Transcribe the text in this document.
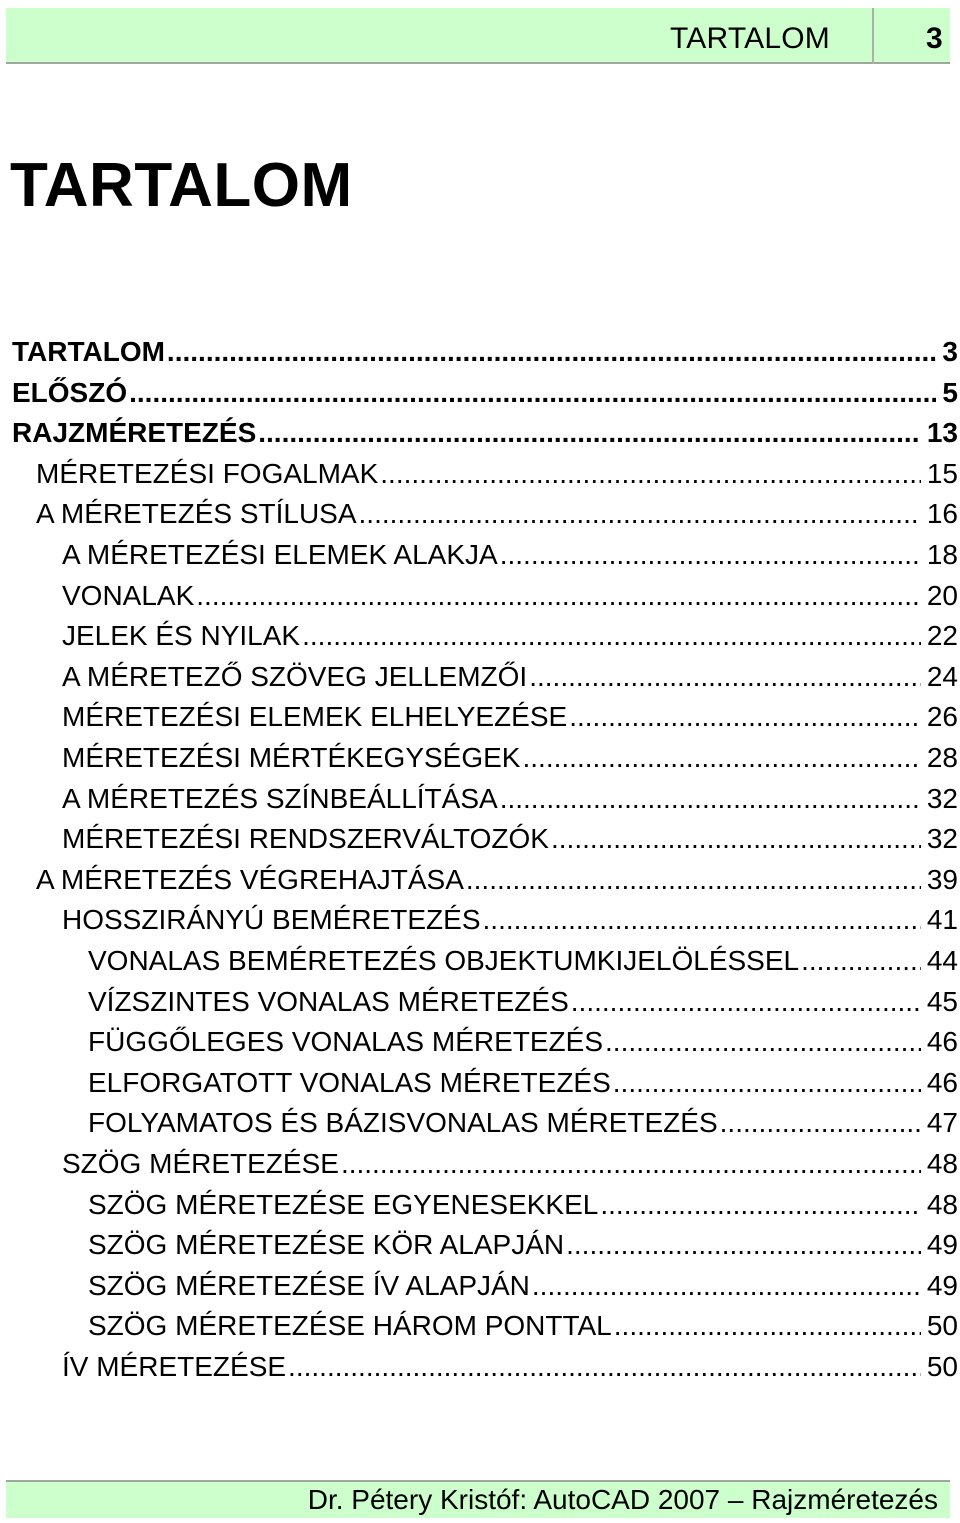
TARTALOM	3
TARTALOM
TARTALOM .....	3
ELŐSZÓ .....	5
RAJZMÉRETEZÉS .....	13
MÉRETEZÉSI FOGALMAK .....	15
A MÉRETEZÉS STÍLUSA .....	16
A MÉRETEZÉSI ELEMEK ALAKJA .....	18
VONALAK .....	20
JELEK ÉS NYILAK .....	22
A MÉRETEZŐ SZÖVEG JELLEMZŐI .....	24
MÉRETEZÉSI ELEMEK ELHELYEZÉSE .....	26
MÉRETEZÉSI MÉRTÉKEGYSÉGEK .....	28
A MÉRETEZÉS SZÍNBEÁLLÍTÁSA .....	32
MÉRETEZÉSI RENDSZERVÁLTOZÓK .....	32
A MÉRETEZÉS VÉGREHAJTÁSA .....	39
HOSSZIRÁNYÚ BEMÉRETEZÉS .....	41
VONALAS BEMÉRETEZÉS OBJEKTUMKIJELÖLÉSSEL .....	44
VÍZSZINTES VONALAS MÉRETEZÉS .....	45
FÜGGŐLEGES VONALAS MÉRETEZÉS .....	46
ELFORGATOTT VONALAS MÉRETEZÉS .....	46
FOLYAMATOS ÉS BÁZISVONALAS MÉRETEZÉS .....	47
SZÖG MÉRETEZÉSE .....	48
SZÖG MÉRETEZÉSE EGYENESEKKEL .....	48
SZÖG MÉRETEZÉSE KÖR ALAPJÁN .....	49
SZÖG MÉRETEZÉSE ÍV ALAPJÁN .....	49
SZÖG MÉRETEZÉSE HÁROM PONTTAL .....	50
ÍV MÉRETEZÉSE .....	50
Dr. Pétery Kristóf: AutoCAD 2007 – Rajzméretezés
